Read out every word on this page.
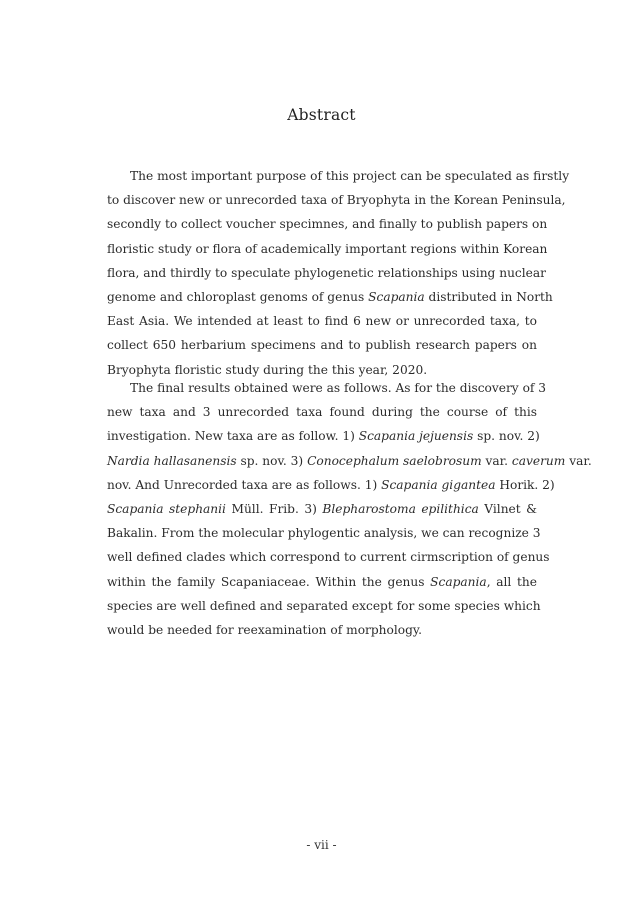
Abstract
The most important purpose of this project can be speculated as firstly
to discover new or unrecorded taxa of Bryophyta in the Korean Peninsula,
secondly to collect voucher specimnes, and finally to publish papers on
floristic study or flora of academically important regions within Korean
flora, and thirdly to speculate phylogenetic relationships using nuclear
genome and chloroplast genoms of genus Scapania distributed in North
East Asia. We intended at least to find 6 new or unrecorded taxa, to
collect 650 herbarium specimens and to publish research papers on
Bryophyta floristic study during the this year, 2020.
The final results obtained were as follows. As for the discovery of 3
new taxa and 3 unrecorded taxa found during the course of this
investigation. New taxa are as follow. 1) Scapania jejuensis sp. nov. 2)
Nardia hallasanensis sp. nov. 3) Conocephalum saelobrosum var. caverum var.
nov. And Unrecorded taxa are as follows. 1) Scapania gigantea Horik. 2)
Scapania stephanii Müll. Frib. 3) Blepharostoma epilithica Vilnet &
Bakalin. From the molecular phylogentic analysis, we can recognize 3
well defined clades which correspond to current cirmscription of genus
within the family Scapaniaceae. Within the genus Scapania, all the
species are well defined and separated except for some species which
would be needed for reexamination of morphology.
- vii -
